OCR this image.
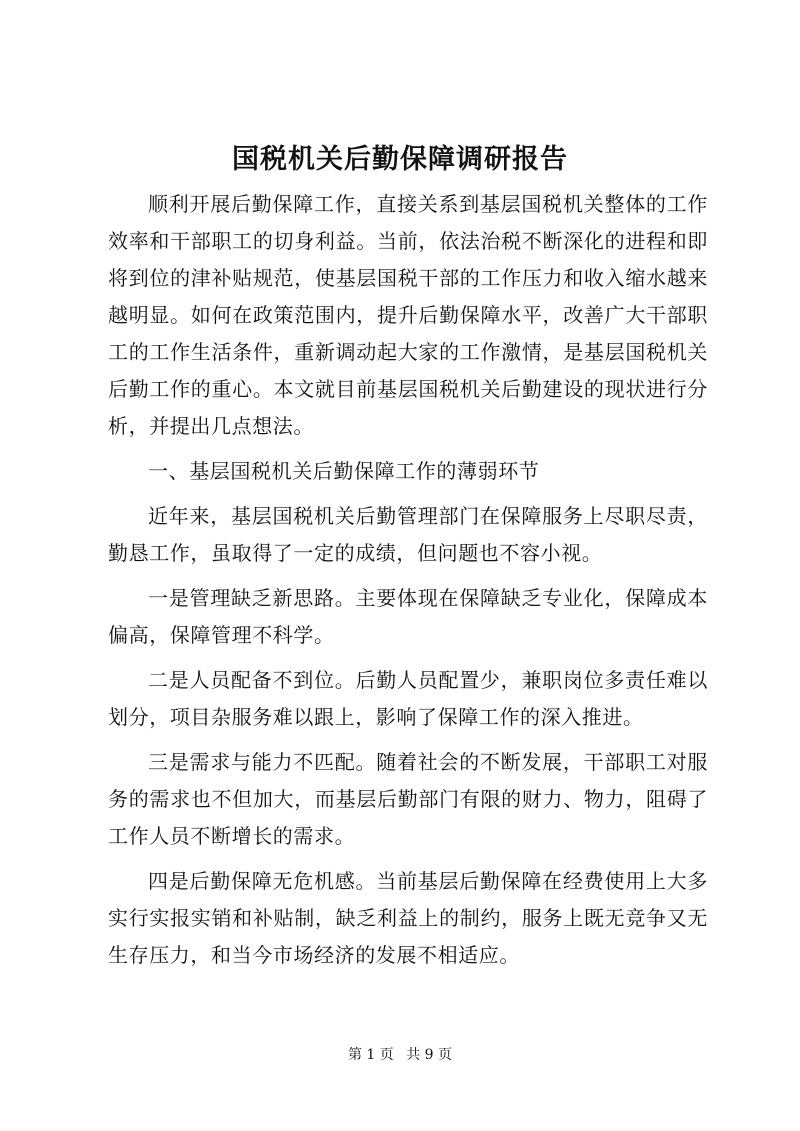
国税机关后勤保障调研报告

顺利开展后勤保障工作，直接关系到基层国税机关整体的工作效率和干部职工的切身利益。当前，依法治税不断深化的进程和即将到位的津补贴规范，使基层国税干部的工作压力和收入缩水越来越明显。如何在政策范围内，提升后勤保障水平，改善广大干部职工的工作生活条件，重新调动起大家的工作激情，是基层国税机关后勤工作的重心。本文就目前基层国税机关后勤建设的现状进行分析，并提出几点想法。

一、基层国税机关后勤保障工作的薄弱环节

近年来，基层国税机关后勤管理部门在保障服务上尽职尽责，勤恳工作，虽取得了一定的成绩，但问题也不容小视。

一是管理缺乏新思路。主要体现在保障缺乏专业化，保障成本偏高，保障管理不科学。

二是人员配备不到位。后勤人员配置少，兼职岗位多责任难以划分，项目杂服务难以跟上，影响了保障工作的深入推进。

三是需求与能力不匹配。随着社会的不断发展，干部职工对服务的需求也不但加大，而基层后勤部门有限的财力、物力，阻碍了工作人员不断增长的需求。

四是后勤保障无危机感。当前基层后勤保障在经费使用上大多实行实报实销和补贴制，缺乏利益上的制约，服务上既无竞争又无生存压力，和当今市场经济的发展不相适应。

第 1 页 共 9 页
